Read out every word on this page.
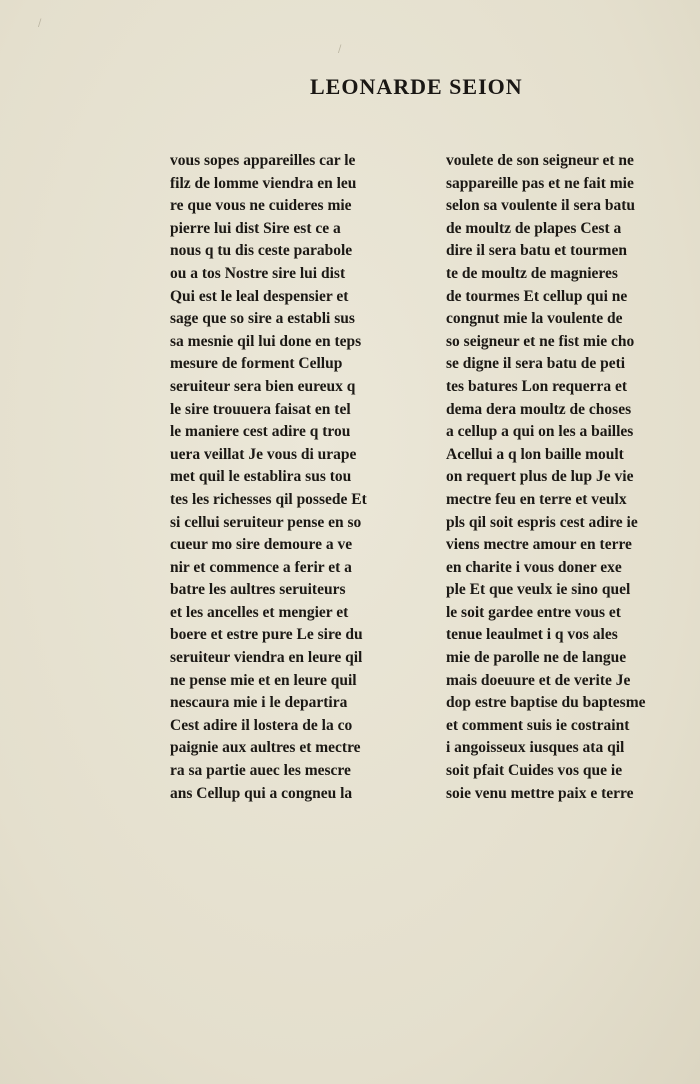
/
/
LEONARDE SEION
vous sopes appareilles car le
filz de lomme viendra en leu
re que vous ne cuideres mie
pierre lui dist Sire est ce a
nous q tu dis ceste parabole
ou a tos Nostre sire lui dist
Qui est le leal despensier et
sage que so sire a establi sus
sa mesnie qil lui done en teps
mesure de forment Cellup
seruiteur sera bien eureux q
le sire trouuera faisat en tel
le maniere cest adire q trou
uera veillat Je vous di urape
met quil le establira sus tou
tes les richesses qil possede Et
si cellui seruiteur pense en so
cueur mo sire demoure a ve
nir et commence a ferir et a
batre les aultres seruiteurs
et les ancelles et mengier et
boere et estre pure Le sire du
seruiteur viendra en leure qil
ne pense mie et en leure quil
nescaura mie i le departira
Cest adire il lostera de la co
paignie aux aultres et mectre
ra sa partie auec les mescre
ans Cellup qui a congneu la
voulete de son seigneur et ne
sappareille pas et ne fait mie
selon sa voulente il sera batu
de moultz de plapes Cest a
dire il sera batu et tourmen
te de moultz de magnieres
de tourmes Et cellup qui ne
congnut mie la voulente de
so seigneur et ne fist mie cho
se digne il sera batu de peti
tes batures Lon requerra et
dema dera moultz de choses
a cellup a qui on les a bailles
Acellui a q lon baille moult
on requert plus de lup Je vie
mectre feu en terre et veulx
pls qil soit espris cest adire ie
viens mectre amour en terre
en charite i vous doner exe
ple Et que veulx ie sino quel
le soit gardee entre vous et
tenue leaulmet i q vos ales
mie de parolle ne de langue
mais doeuure et de verite Je
dop estre baptise du baptesme
et comment suis ie costraint
i angoisseux iusques ata qil
soit pfait Cuides vos que ie
soie venu mettre paix e terre
